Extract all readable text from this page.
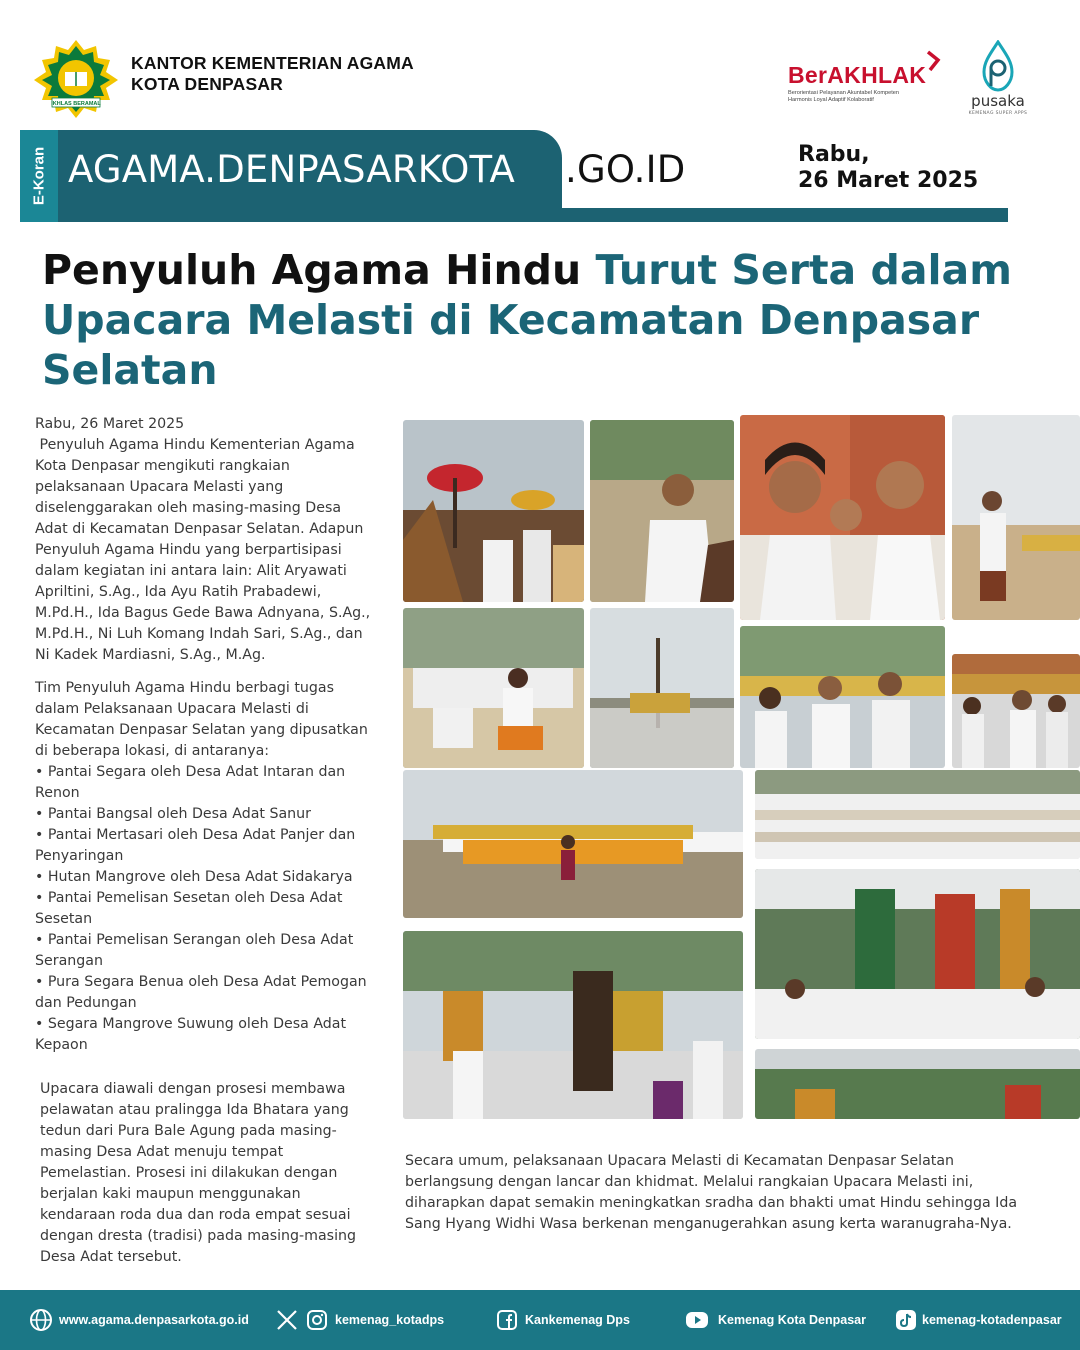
IKHLAS BERAMAL
KANTOR KEMENTERIAN AGAMA
KOTA DENPASAR	BerAKHLAK
Berorientasi Pelayanan Akuntabel Kompeten
Harmonis Loyal Adaptif Kolaboratif	pusaka
KEMENAG SUPER APPS
E-Koran AGAMA.DENPASARKOTA .GO.ID	Rabu,
26 Maret 2025
Penyuluh Agama Hindu Turut Serta dalam Upacara Melasti di Kecamatan Denpasar Selatan

Rabu, 26 Maret 2025

Penyuluh Agama Hindu Kementerian Agama Kota Denpasar mengikuti rangkaian pelaksanaan Upacara Melasti yang diselenggarakan oleh masing-masing Desa Adat di Kecamatan Denpasar Selatan. Adapun Penyuluh Agama Hindu yang berpartisipasi dalam kegiatan ini antara lain: Alit Aryawati Apriltini, S.Ag., Ida Ayu Ratih Prabadewi, M.Pd.H., Ida Bagus Gede Bawa Adnyana, S.Ag., M.Pd.H., Ni Luh Komang Indah Sari, S.Ag., dan Ni Kadek Mardiasni, S.Ag., M.Ag.

Tim Penyuluh Agama Hindu berbagi tugas dalam Pelaksanaan Upacara Melasti di Kecamatan Denpasar Selatan yang dipusatkan di beberapa lokasi, di antaranya:

• Pantai Segara oleh Desa Adat Intaran dan Renon
• Pantai Bangsal oleh Desa Adat Sanur
• Pantai Mertasari oleh Desa Adat Panjer dan Penyaringan
• Hutan Mangrove oleh Desa Adat Sidakarya
• Pantai Pemelisan Sesetan oleh Desa Adat Sesetan
• Pantai Pemelisan Serangan oleh Desa Adat Serangan
• Pura Segara Benua oleh Desa Adat Pemogan dan Pedungan
• Segara Mangrove Suwung oleh Desa Adat Kepaon

Upacara diawali dengan prosesi membawa pelawatan atau pralingga Ida Bhatara yang tedun dari Pura Bale Agung pada masing-masing Desa Adat menuju tempat Pemelastian. Prosesi ini dilakukan dengan berjalan kaki maupun menggunakan kendaraan roda dua dan roda empat sesuai dengan dresta (tradisi) pada masing-masing Desa Adat tersebut.

Secara umum, pelaksanaan Upacara Melasti di Kecamatan Denpasar Selatan berlangsung dengan lancar dan khidmat. Melalui rangkaian Upacara Melasti ini, diharapkan dapat semakin meningkatkan sradha dan bhakti umat Hindu sehingga Ida Sang Hyang Widhi Wasa berkenan menganugerahkan asung kerta waranugraha-Nya.

www.agama.denpasarkota.go.id	kemenag_kotadps	Kankemenag Dps	Kemenag Kota Denpasar	kemenag-kotadenpasar
